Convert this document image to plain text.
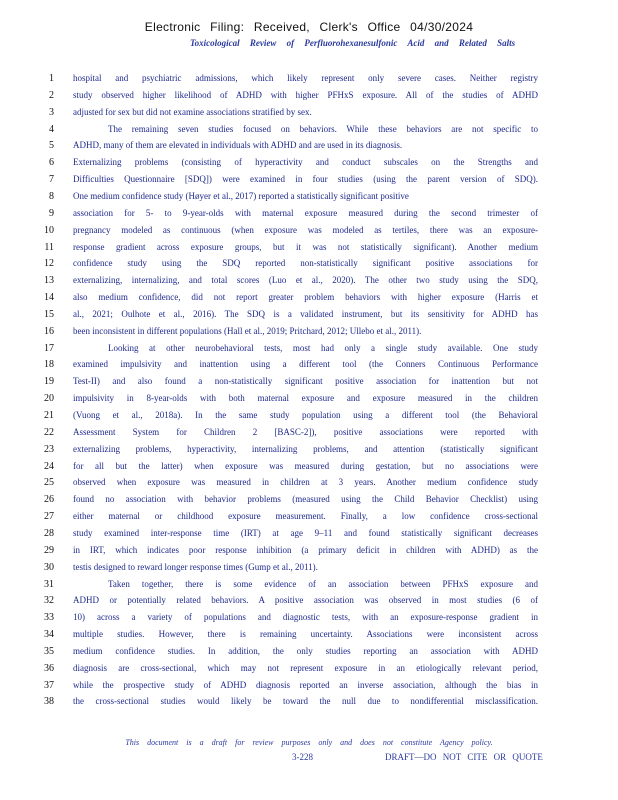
Electronic Filing: Received, Clerk's Office 04/30/2024
Toxicological Review of Perfluorohexanesulfonic Acid and Related Salts
1 hospital and psychiatric admissions, which likely represent only severe cases. Neither registry
2 study observed higher likelihood of ADHD with higher PFHxS exposure. All of the studies of ADHD
3 adjusted for sex but did not examine associations stratified by sex.
4	The remaining seven studies focused on behaviors. While these behaviors are not specific to
5 ADHD, many of them are elevated in individuals with ADHD and are used in its diagnosis.
6 Externalizing problems (consisting of hyperactivity and conduct subscales on the Strengths and
7 Difficulties Questionnaire [SDQ]) were examined in four studies (using the parent version of SDQ).
8 One medium confidence study (Høyer et al., 2017) reported a statistically significant positive
9 association for 5- to 9-year-olds with maternal exposure measured during the second trimester of
10 pregnancy modeled as continuous (when exposure was modeled as tertiles, there was an exposure-
11 response gradient across exposure groups, but it was not statistically significant). Another medium
12 confidence study using the SDQ reported non-statistically significant positive associations for
13 externalizing, internalizing, and total scores (Luo et al., 2020). The other two study using the SDQ,
14 also medium confidence, did not report greater problem behaviors with higher exposure (Harris et
15 al., 2021; Oulhote et al., 2016). The SDQ is a validated instrument, but its sensitivity for ADHD has
16 been inconsistent in different populations (Hall et al., 2019; Pritchard, 2012; Ullebo et al., 2011).
17	Looking at other neurobehavioral tests, most had only a single study available. One study
18 examined impulsivity and inattention using a different tool (the Conners Continuous Performance
19 Test-II) and also found a non-statistically significant positive association for inattention but not
20 impulsivity in 8-year-olds with both maternal exposure and exposure measured in the children
21 (Vuong et al., 2018a). In the same study population using a different tool (the Behavioral
22 Assessment System for Children 2 [BASC-2]), positive associations were reported with
23 externalizing problems, hyperactivity, internalizing problems, and attention (statistically significant
24 for all but the latter) when exposure was measured during gestation, but no associations were
25 observed when exposure was measured in children at 3 years. Another medium confidence study
26 found no association with behavior problems (measured using the Child Behavior Checklist) using
27 either maternal or childhood exposure measurement. Finally, a low confidence cross-sectional
28 study examined inter-response time (IRT) at age 9–11 and found statistically significant decreases
29 in IRT, which indicates poor response inhibition (a primary deficit in children with ADHD) as the
30 testis designed to reward longer response times (Gump et al., 2011).
31	Taken together, there is some evidence of an association between PFHxS exposure and
32 ADHD or potentially related behaviors. A positive association was observed in most studies (6 of
33 10) across a variety of populations and diagnostic tests, with an exposure-response gradient in
34 multiple studies. However, there is remaining uncertainty. Associations were inconsistent across
35 medium confidence studies. In addition, the only studies reporting an association with ADHD
36 diagnosis are cross-sectional, which may not represent exposure in an etiologically relevant period,
37 while the prospective study of ADHD diagnosis reported an inverse association, although the bias in
38 the cross-sectional studies would likely be toward the null due to nondifferential misclassification.
This document is a draft for review purposes only and does not constitute Agency policy.
3-228	DRAFT—DO NOT CITE OR QUOTE
